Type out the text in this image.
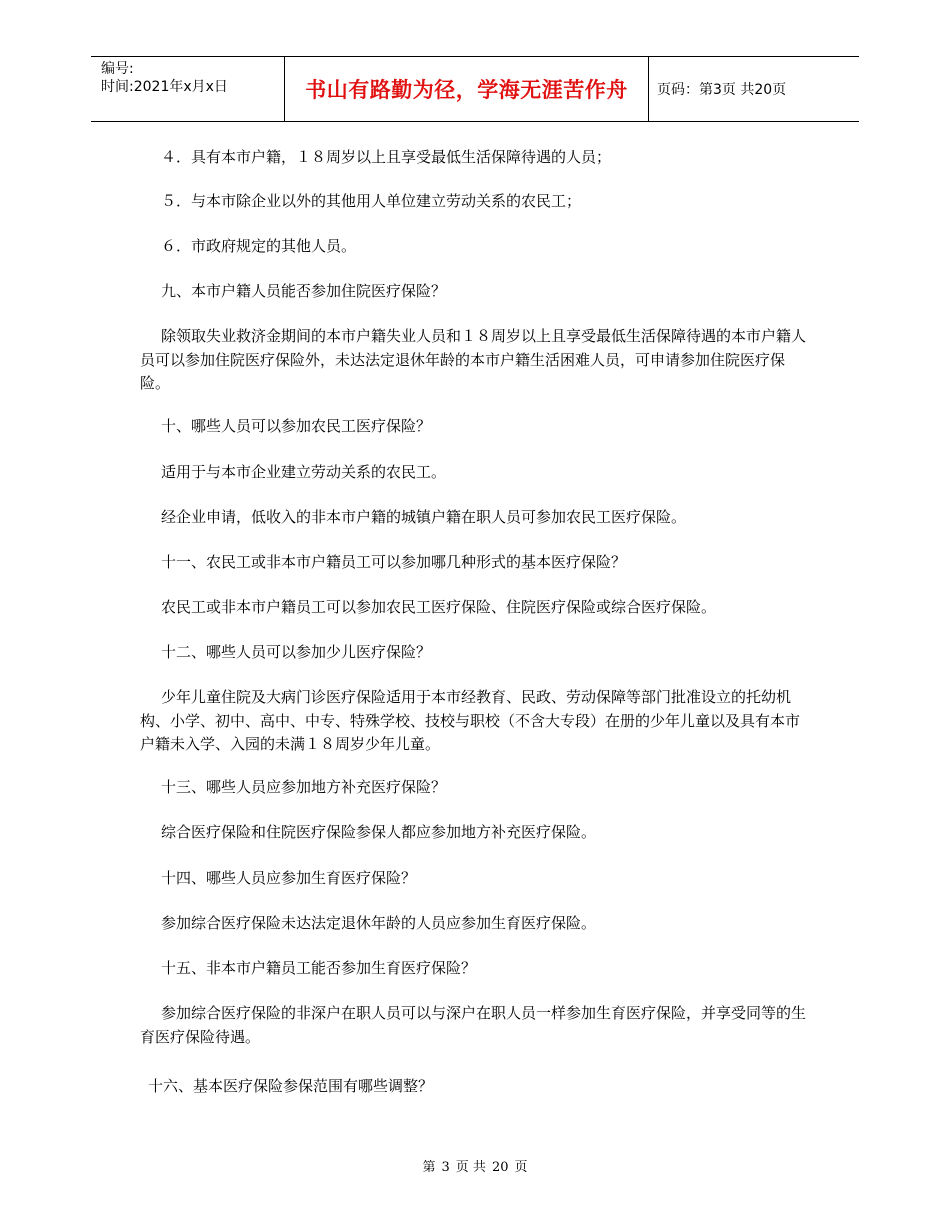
编号:
时间:2021年x月x日	书山有路勤为径，学海无涯苦作舟 页码：第3页 共20页

４．具有本市户籍，１８周岁以上且享受最低生活保障待遇的人员；

５．与本市除企业以外的其他用人单位建立劳动关系的农民工；

６．市政府规定的其他人员。

九、本市户籍人员能否参加住院医疗保险？

除领取失业救济金期间的本市户籍失业人员和１８周岁以上且享受最低生活保障待遇的本市户籍人员可以参加住院医疗保险外，未达法定退休年龄的本市户籍生活困难人员，可申请参加住院医疗保险。

十、哪些人员可以参加农民工医疗保险？

适用于与本市企业建立劳动关系的农民工。

经企业申请，低收入的非本市户籍的城镇户籍在职人员可参加农民工医疗保险。

十一、农民工或非本市户籍员工可以参加哪几种形式的基本医疗保险？

农民工或非本市户籍员工可以参加农民工医疗保险、住院医疗保险或综合医疗保险。

十二、哪些人员可以参加少儿医疗保险？

少年儿童住院及大病门诊医疗保险适用于本市经教育、民政、劳动保障等部门批准设立的托幼机构、小学、初中、高中、中专、特殊学校、技校与职校（不含大专段）在册的少年儿童以及具有本市户籍未入学、入园的未满１８周岁少年儿童。

十三、哪些人员应参加地方补充医疗保险？

综合医疗保险和住院医疗保险参保人都应参加地方补充医疗保险。

十四、哪些人员应参加生育医疗保险？

参加综合医疗保险未达法定退休年龄的人员应参加生育医疗保险。

十五、非本市户籍员工能否参加生育医疗保险？

参加综合医疗保险的非深户在职人员可以与深户在职人员一样参加生育医疗保险，并享受同等的生育医疗保险待遇。

十六、基本医疗保险参保范围有哪些调整？

第 3 页 共 20 页
